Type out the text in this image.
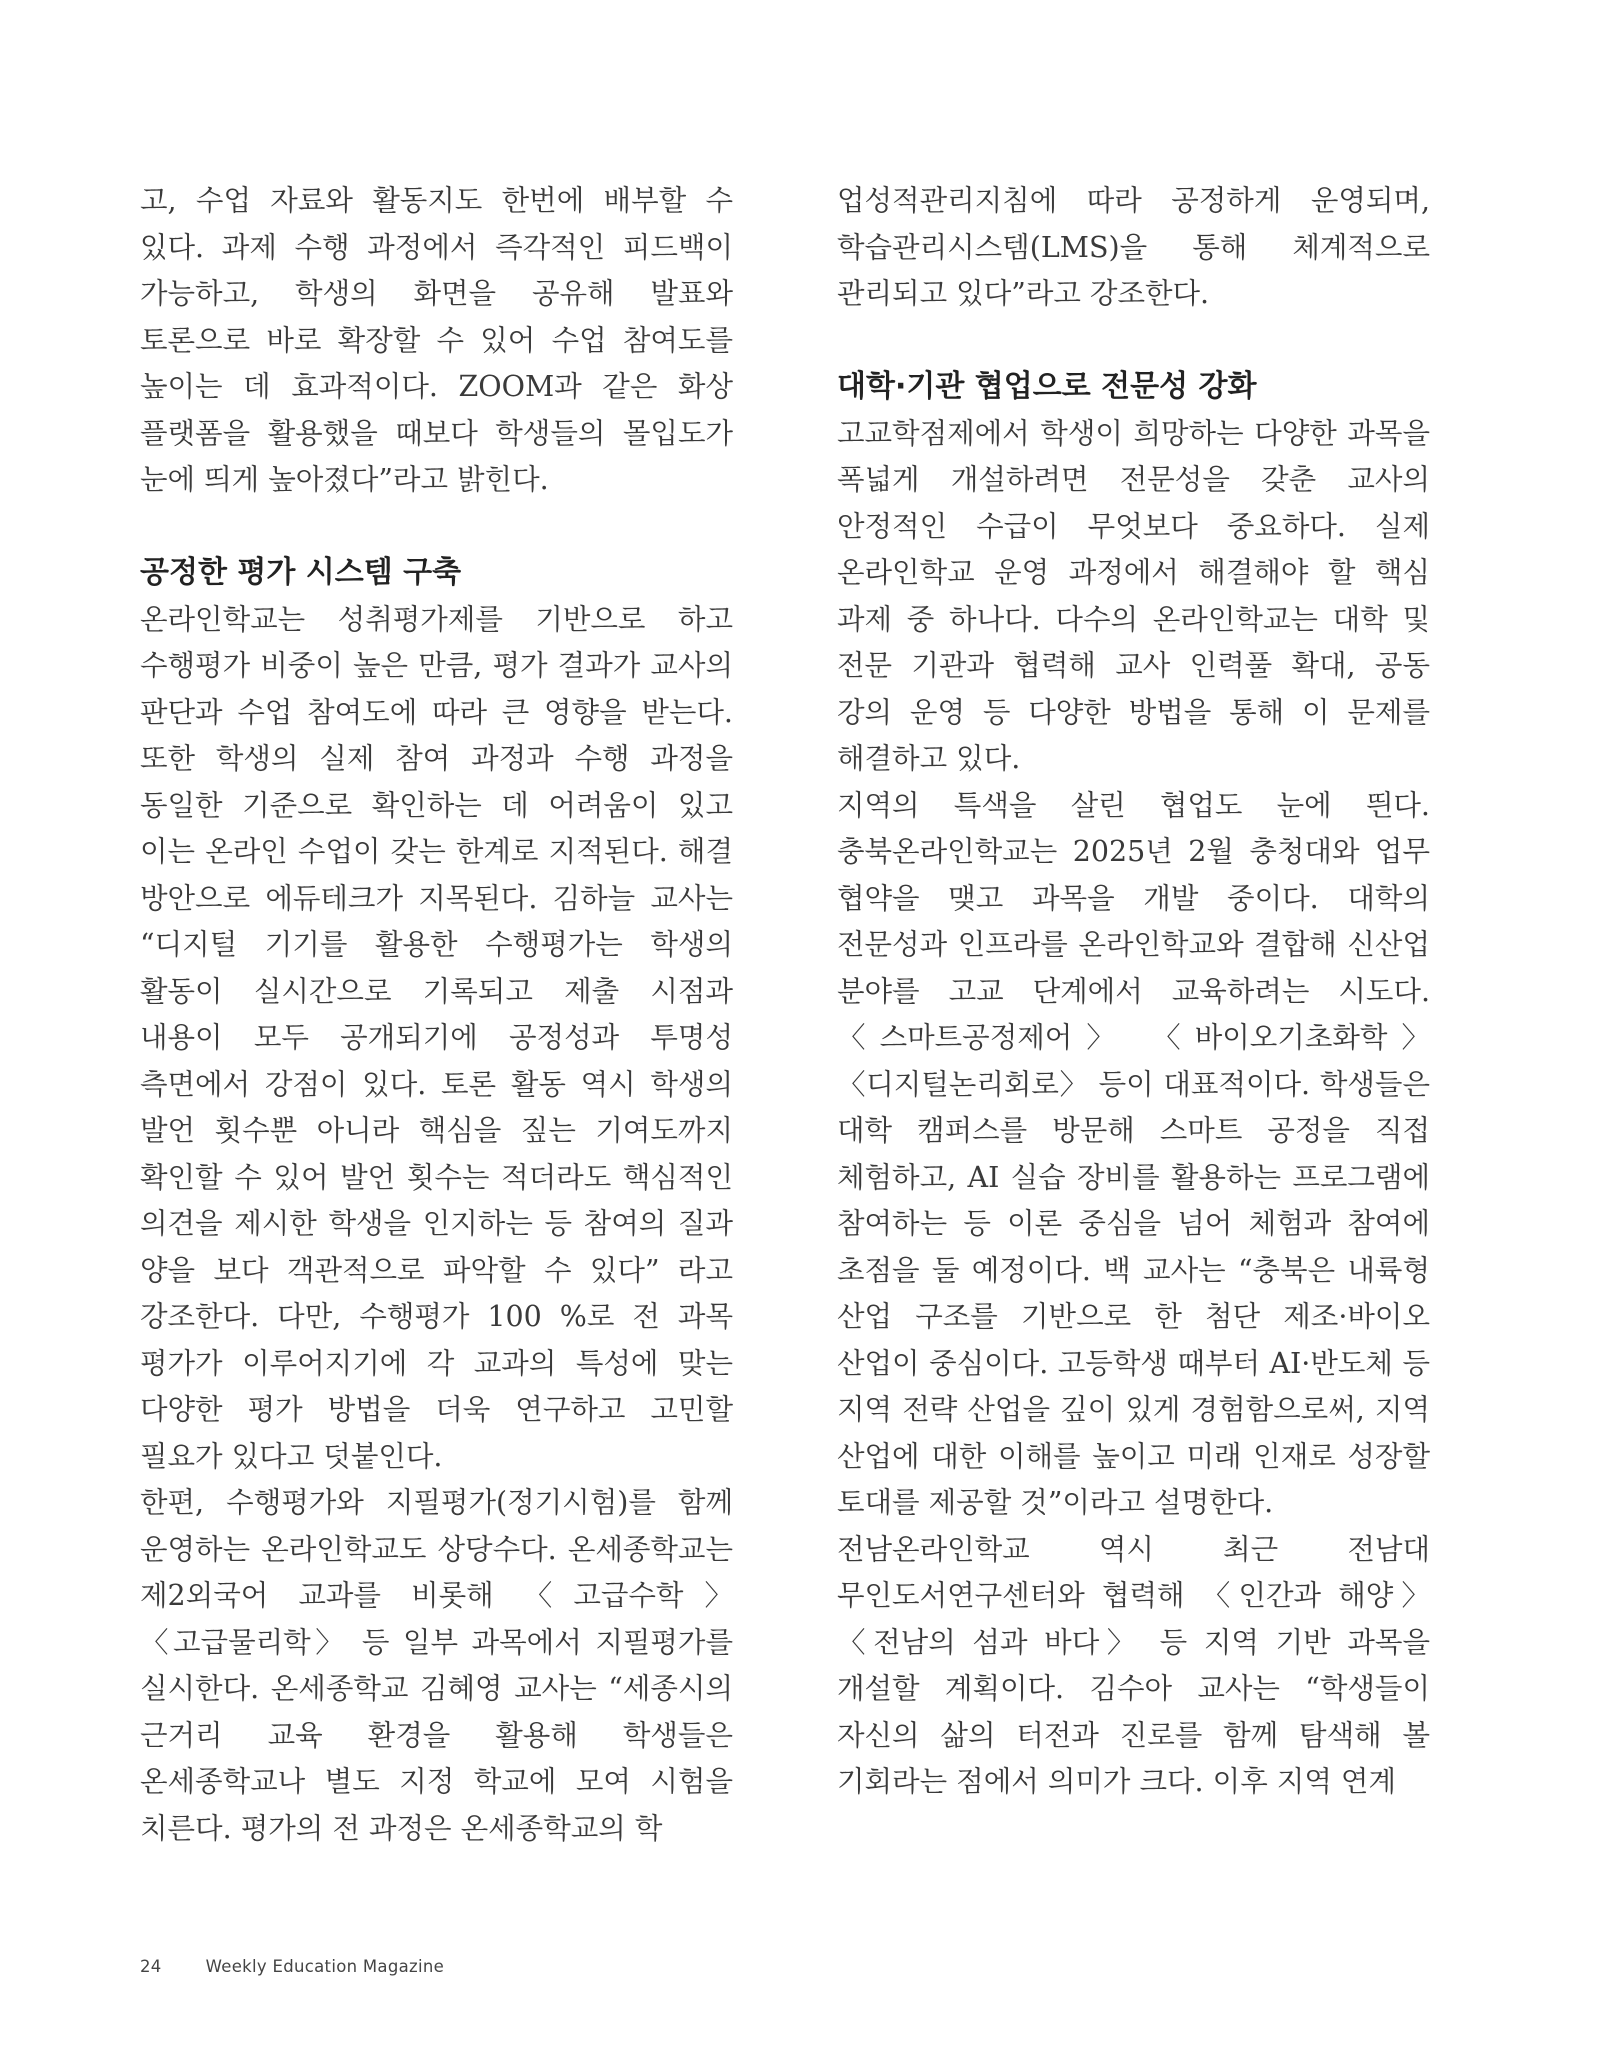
고, 수업 자료와 활동지도 한번에 배부할 수 있다. 과제 수행 과정에서 즉각적인 피드백이 가능하고, 학생의 화면을 공유해 발표와 토론으로 바로 확장할 수 있어 수업 참여도를 높이는 데 효과적이다. ZOOM과 같은 화상 플랫폼을 활용했을 때보다 학생들의 몰입도가 눈에 띄게 높아졌다”라고 밝힌다.

공정한 평가 시스템 구축

온라인학교는 성취평가제를 기반으로 하고 수행평가 비중이 높은 만큼, 평가 결과가 교사의 판단과 수업 참여도에 따라 큰 영향을 받는다. 또한 학생의 실제 참여 과정과 수행 과정을 동일한 기준으로 확인하는 데 어려움이 있고 이는 온라인 수업이 갖는 한계로 지적된다. 해결 방안으로 에듀테크가 지목된다. 김하늘 교사는 “디지털 기기를 활용한 수행평가는 학생의 활동이 실시간으로 기록되고 제출 시점과 내용이 모두 공개되기에 공정성과 투명성 측면에서 강점이 있다. 토론 활동 역시 학생의 발언 횟수뿐 아니라 핵심을 짚는 기여도까지 확인할 수 있어 발언 횟수는 적더라도 핵심적인 의견을 제시한 학생을 인지하는 등 참여의 질과 양을 보다 객관적으로 파악할 수 있다” 라고 강조한다. 다만, 수행평가 100 %로 전 과목 평가가 이루어지기에 각 교과의 특성에 맞는 다양한 평가 방법을 더욱 연구하고 고민할 필요가 있다고 덧붙인다.

한편, 수행평가와 지필평가(정기시험)를 함께 운영하는 온라인학교도 상당수다. 온세종학교는 제2외국어 교과를 비롯해 〈고급수학〉 〈고급물리학〉 등 일부 과목에서 지필평가를 실시한다. 온세종학교 김혜영 교사는 “세종시의 근거리 교육 환경을 활용해 학생들은 온세종학교나 별도 지정 학교에 모여 시험을 치른다. 평가의 전 과정은 온세종학교의 학

업성적관리지침에 따라 공정하게 운영되며, 학습관리시스템(LMS)을 통해 체계적으로 관리되고 있다”라고 강조한다.

대학·기관 협업으로 전문성 강화

고교학점제에서 학생이 희망하는 다양한 과목을 폭넓게 개설하려면 전문성을 갖춘 교사의 안정적인 수급이 무엇보다 중요하다. 실제 온라인학교 운영 과정에서 해결해야 할 핵심 과제 중 하나다. 다수의 온라인학교는 대학 및 전문 기관과 협력해 교사 인력풀 확대, 공동 강의 운영 등 다양한 방법을 통해 이 문제를 해결하고 있다.

지역의 특색을 살린 협업도 눈에 띈다. 충북온라인학교는 2025년 2월 충청대와 업무 협약을 맺고 과목을 개발 중이다. 대학의 전문성과 인프라를 온라인학교와 결합해 신산업 분야를 고교 단계에서 교육하려는 시도다. 〈스마트공정제어〉 〈바이오기초화학〉 〈디지털논리회로〉 등이 대표적이다. 학생들은 대학 캠퍼스를 방문해 스마트 공정을 직접 체험하고, AI 실습 장비를 활용하는 프로그램에 참여하는 등 이론 중심을 넘어 체험과 참여에 초점을 둘 예정이다. 백 교사는 “충북은 내륙형 산업 구조를 기반으로 한 첨단 제조·바이오 산업이 중심이다. 고등학생 때부터 AI·반도체 등 지역 전략 산업을 깊이 있게 경험함으로써, 지역 산업에 대한 이해를 높이고 미래 인재로 성장할 토대를 제공할 것”이라고 설명한다.

전남온라인학교 역시 최근 전남대 무인도서연구센터와 협력해 〈인간과 해양〉 〈전남의 섬과 바다〉 등 지역 기반 과목을 개설할 계획이다. 김수아 교사는 “학생들이 자신의 삶의 터전과 진로를 함께 탐색해 볼 기회라는 점에서 의미가 크다. 이후 지역 연계

24	Weekly Education Magazine
